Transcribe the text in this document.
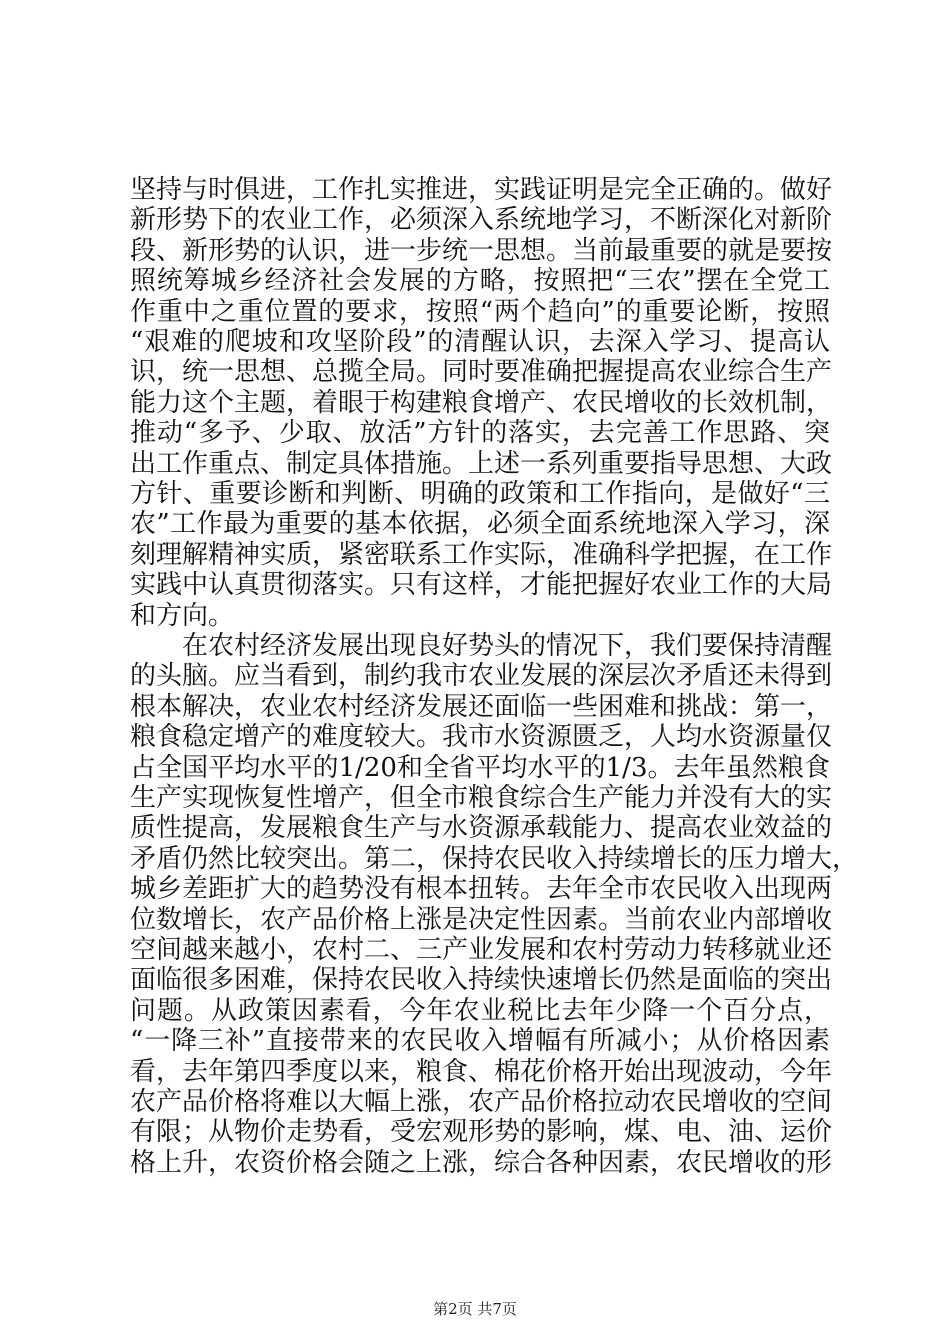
坚持与时俱进，工作扎实推进，实践证明是完全正确的。做好

新形势下的农业工作，必须深入系统地学习，不断深化对新阶

段、新形势的认识，进一步统一思想。当前最重要的就是要按

照统筹城乡经济社会发展的方略，按照把“三农”摆在全党工

作重中之重位置的要求，按照“两个趋向”的重要论断，按照

“艰难的爬坡和攻坚阶段”的清醒认识，去深入学习、提高认

识，统一思想、总揽全局。同时要准确把握提高农业综合生产

能力这个主题，着眼于构建粮食增产、农民增收的长效机制，

推动“多予、少取、放活”方针的落实，去完善工作思路、突

出工作重点、制定具体措施。上述一系列重要指导思想、大政

方针、重要诊断和判断、明确的政策和工作指向，是做好“三

农”工作最为重要的基本依据，必须全面系统地深入学习，深

刻理解精神实质，紧密联系工作实际，准确科学把握，在工作

实践中认真贯彻落实。只有这样，才能把握好农业工作的大局

和方向。

　　在农村经济发展出现良好势头的情况下，我们要保持清醒

的头脑。应当看到，制约我市农业发展的深层次矛盾还未得到

根本解决，农业农村经济发展还面临一些困难和挑战：第一，

粮食稳定增产的难度较大。我市水资源匮乏，人均水资源量仅

占全国平均水平的1/20和全省平均水平的1/3。去年虽然粮食

生产实现恢复性增产，但全市粮食综合生产能力并没有大的实

质性提高，发展粮食生产与水资源承载能力、提高农业效益的

矛盾仍然比较突出。第二，保持农民收入持续增长的压力增大，

城乡差距扩大的趋势没有根本扭转。去年全市农民收入出现两

位数增长，农产品价格上涨是决定性因素。当前农业内部增收

空间越来越小，农村二、三产业发展和农村劳动力转移就业还

面临很多困难，保持农民收入持续快速增长仍然是面临的突出

问题。从政策因素看，今年农业税比去年少降一个百分点，

“一降三补”直接带来的农民收入增幅有所减小；从价格因素

看，去年第四季度以来，粮食、棉花价格开始出现波动，今年

农产品价格将难以大幅上涨，农产品价格拉动农民增收的空间

有限；从物价走势看，受宏观形势的影响，煤、电、油、运价

格上升，农资价格会随之上涨，综合各种因素，农民增收的形

第2页 共7页
